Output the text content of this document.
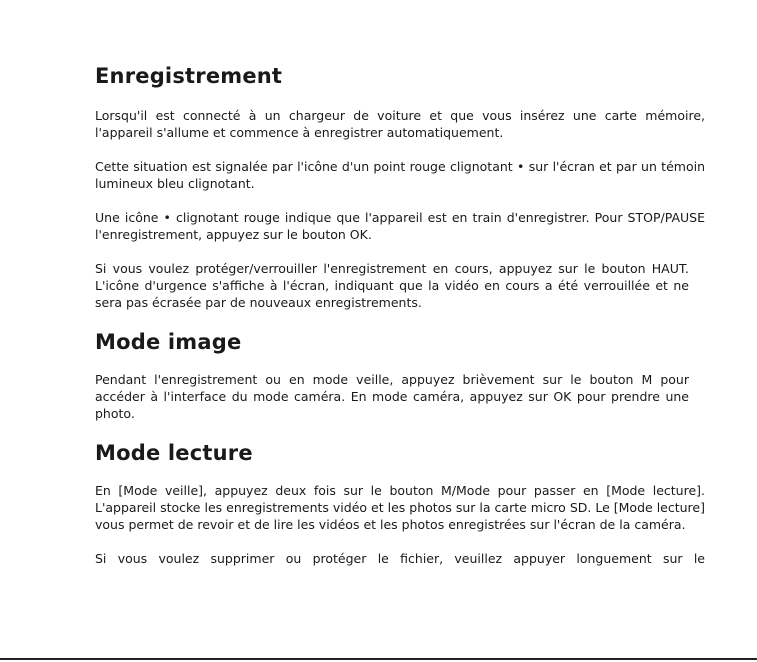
Enregistrement

Lorsqu'il est connecté à un chargeur de voiture et que vous insérez une carte mémoire, l'appareil s'allume et commence à enregistrer automatiquement.

Cette situation est signalée par l'icône d'un point rouge clignotant • sur l'écran et par un témoin lumineux bleu clignotant.

Une icône • clignotant rouge indique que l'appareil est en train d'enregistrer. Pour STOP/PAUSE l'enregistrement, appuyez sur le bouton OK.

Si vous voulez protéger/verrouiller l'enregistrement en cours, appuyez sur le bouton HAUT. L'icône d'urgence s'affiche à l'écran, indiquant que la vidéo en cours a été verrouillée et ne sera pas écrasée par de nouveaux enregistrements.

Mode image

Pendant l'enregistrement ou en mode veille, appuyez brièvement sur le bouton M pour accéder à l'interface du mode caméra. En mode caméra, appuyez sur OK pour prendre une photo.

Mode lecture

En [Mode veille], appuyez deux fois sur le bouton M/Mode pour passer en [Mode lecture]. L'appareil stocke les enregistrements vidéo et les photos sur la carte micro SD. Le [Mode lecture] vous permet de revoir et de lire les vidéos et les photos enregistrées sur l'écran de la caméra.

Si vous voulez supprimer ou protéger le fichier, veuillez appuyer longuement sur le
